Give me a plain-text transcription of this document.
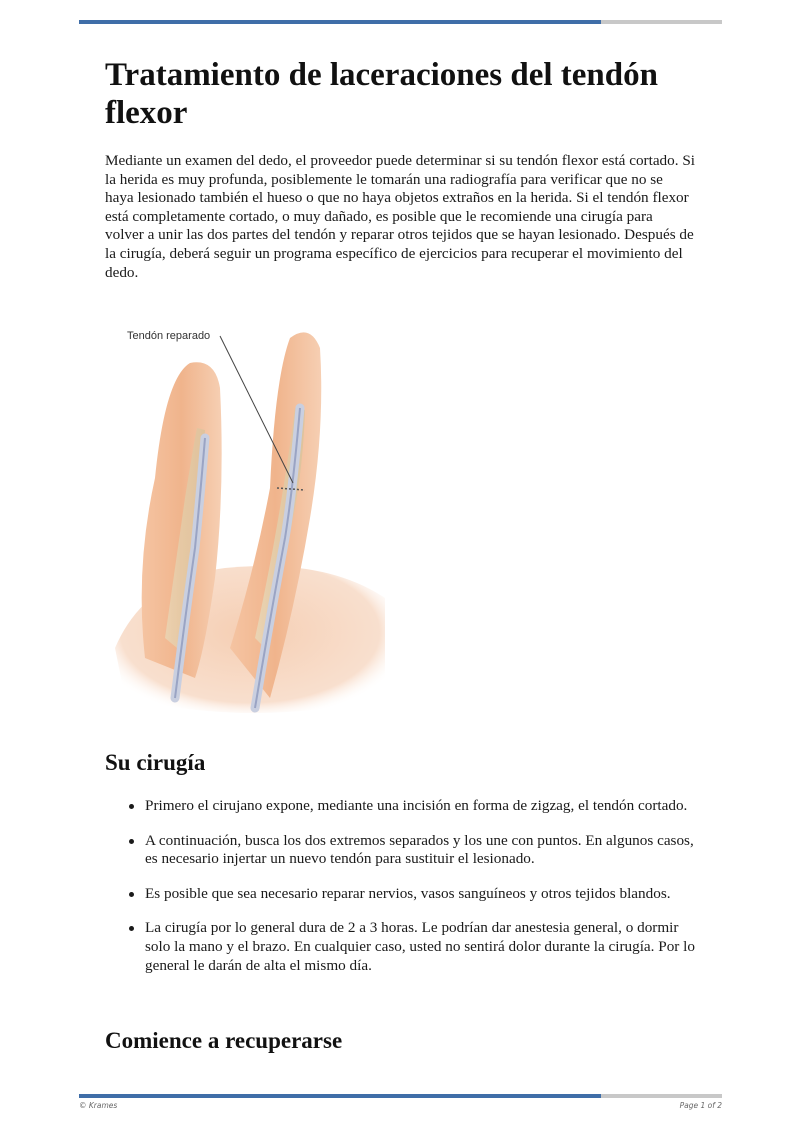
Tratamiento de laceraciones del tendón flexor

Mediante un examen del dedo, el proveedor puede determinar si su tendón flexor está cortado. Si la herida es muy profunda, posiblemente le tomarán una radiografía para verificar que no se haya lesionado también el hueso o que no haya objetos extraños en la herida. Si el tendón flexor está completamente cortado, o muy dañado, es posible que le recomiende una cirugía para volver a unir las dos partes del tendón y reparar otros tejidos que se hayan lesionado. Después de la cirugía, deberá seguir un programa específico de ejercicios para recuperar el movimiento del dedo.

Tendón reparado
Su cirugía
Primero el cirujano expone, mediante una incisión en forma de zigzag, el tendón cortado.
A continuación, busca los dos extremos separados y los une con puntos. En algunos casos, es necesario injertar un nuevo tendón para sustituir el lesionado.
Es posible que sea necesario reparar nervios, vasos sanguíneos y otros tejidos blandos.
La cirugía por lo general dura de 2 a 3 horas. Le podrían dar anestesia general, o dormir solo la mano y el brazo. En cualquier caso, usted no sentirá dolor durante la cirugía. Por lo general le darán de alta el mismo día.
Comience a recuperarse
© Krames	Page 1 of 2
